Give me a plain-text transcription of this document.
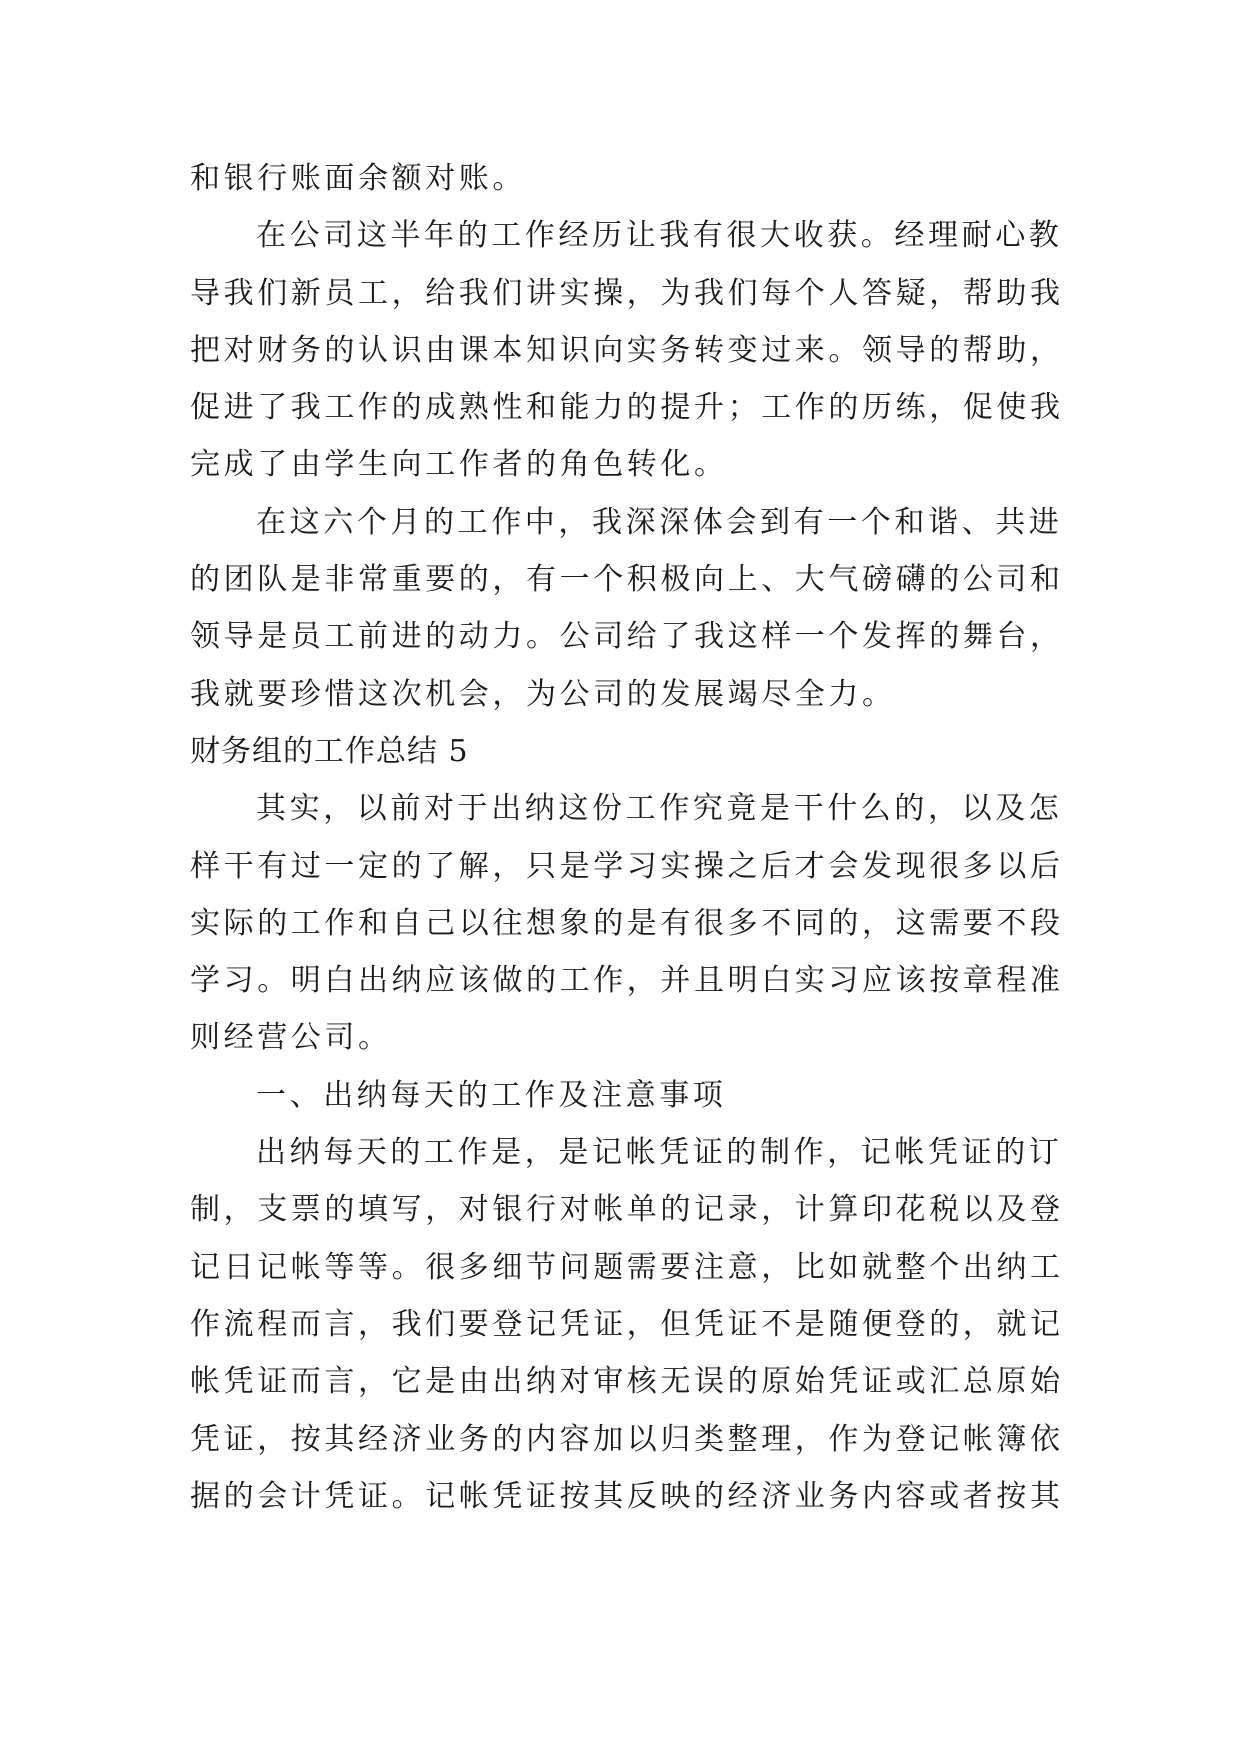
和银行账面余额对账。
在公司这半年的工作经历让我有很大收获。经理耐心教
导我们新员工，给我们讲实操，为我们每个人答疑，帮助我
把对财务的认识由课本知识向实务转变过来。领导的帮助，
促进了我工作的成熟性和能力的提升；工作的历练，促使我
完成了由学生向工作者的角色转化。
在这六个月的工作中，我深深体会到有一个和谐、共进
的团队是非常重要的，有一个积极向上、大气磅礴的公司和
领导是员工前进的动力。公司给了我这样一个发挥的舞台，
我就要珍惜这次机会，为公司的发展竭尽全力。
财务组的工作总结 5
其实，以前对于出纳这份工作究竟是干什么的，以及怎
样干有过一定的了解，只是学习实操之后才会发现很多以后
实际的工作和自己以往想象的是有很多不同的，这需要不段
学习。明白出纳应该做的工作，并且明白实习应该按章程准
则经营公司。
一、出纳每天的工作及注意事项
出纳每天的工作是，是记帐凭证的制作，记帐凭证的订
制，支票的填写，对银行对帐单的记录，计算印花税以及登
记日记帐等等。很多细节问题需要注意，比如就整个出纳工
作流程而言，我们要登记凭证，但凭证不是随便登的，就记
帐凭证而言，它是由出纳对审核无误的原始凭证或汇总原始
凭证，按其经济业务的内容加以归类整理，作为登记帐簿依
据的会计凭证。记帐凭证按其反映的经济业务内容或者按其
